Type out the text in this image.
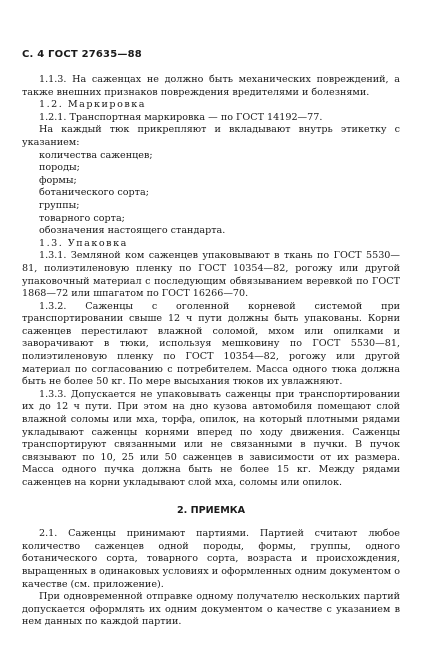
С. 4 ГОСТ 27635—88

1.1.3. На саженцах не должно быть механических повреждений, а также внешних признаков повреждения вредителями и болезнями.

1.2. Маркировка

1.2.1. Транспортная маркировка — по ГОСТ 14192—77.

На каждый тюк прикрепляют и вкладывают внутрь этикетку с указанием:

количества саженцев;

породы;

формы;

ботанического сорта;

группы;

товарного сорта;

обозначения настоящего стандарта.

1.3. Упаковка

1.3.1. Земляной ком саженцев упаковывают в ткань по ГОСТ 5530—81, полиэтиленовую пленку по ГОСТ 10354—82, рогожу или другой упаковочный материал с последующим обвязыванием веревкой по ГОСТ 1868—72 или шпагатом по ГОСТ 16266—70.

1.3.2. Саженцы с оголенной корневой системой при транспортировании свыше 12 ч пути должны быть упакованы. Корни саженцев перестилают влажной соломой, мхом или опилками и заворачивают в тюки, используя мешковину по ГОСТ 5530—81, полиэтиленовую пленку по ГОСТ 10354—82, рогожу или другой материал по согласованию с потребителем. Масса одного тюка должна быть не более 50 кг. По мере высыхания тюков их увлажняют.

1.3.3. Допускается не упаковывать саженцы при транспортировании их до 12 ч пути. При этом на дно кузова автомобиля помещают слой влажной соломы или мха, торфа, опилок, на который плотными рядами укладывают саженцы корнями вперед по ходу движения. Саженцы транспортируют связанными или не связанными в пучки. В пучок связывают по 10, 25 или 50 саженцев в зависимости от их размера. Масса одного пучка должна быть не более 15 кг. Между рядами саженцев на корни укладывают слой мха, соломы или опилок.

2. ПРИЕМКА

2.1. Саженцы принимают партиями. Партией считают любое количество саженцев одной породы, формы, группы, одного ботанического сорта, товарного сорта, возраста и происхождения, выращенных в одинаковых условиях и оформленных одним документом о качестве (см. приложение).

При одновременной отправке одному получателю нескольких партий допускается оформлять их одним документом о качестве с указанием в нем данных по каждой партии.
